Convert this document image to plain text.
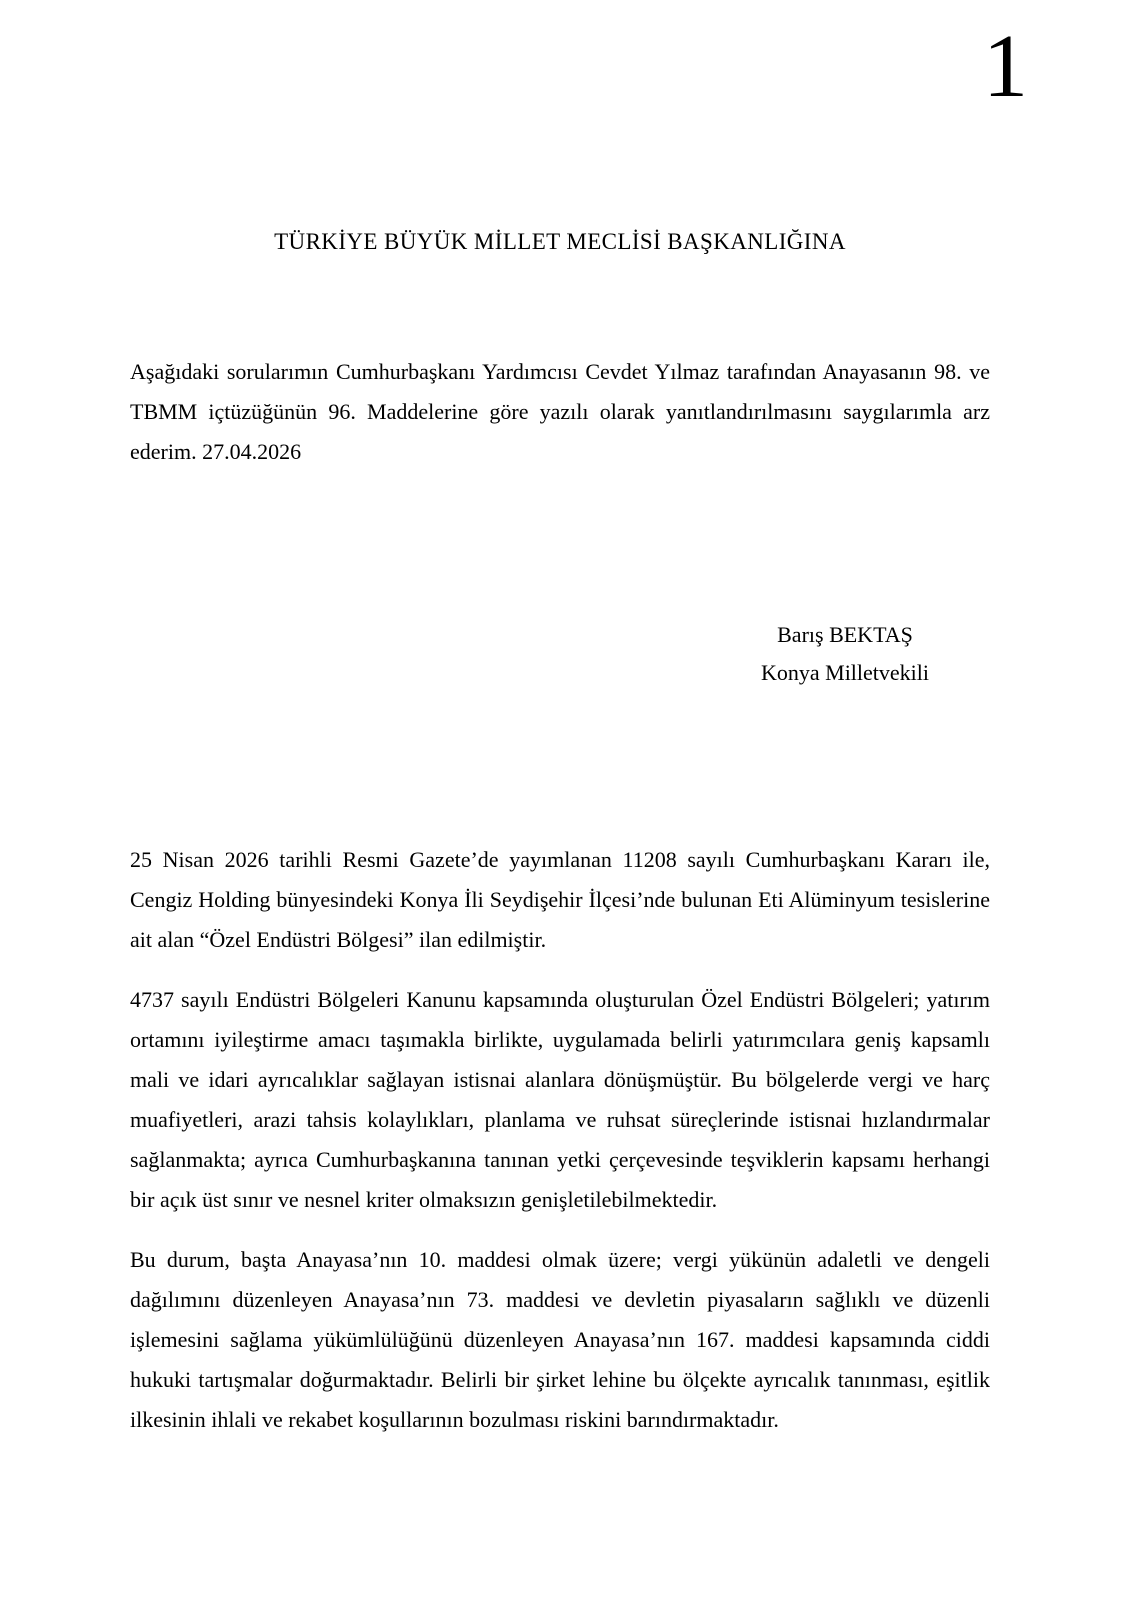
1
TÜRKİYE BÜYÜK MİLLET MECLİSİ BAŞKANLIĞINA

Aşağıdaki sorularımın Cumhurbaşkanı Yardımcısı Cevdet Yılmaz tarafından Anayasanın 98. ve TBMM içtüzüğünün 96. Maddelerine göre yazılı olarak yanıtlandırılmasını saygılarımla arz ederim. 27.04.2026

Barış BEKTAŞ
Konya Milletvekili

25 Nisan 2026 tarihli Resmi Gazete’de yayımlanan 11208 sayılı Cumhurbaşkanı Kararı ile, Cengiz Holding bünyesindeki Konya İli Seydişehir İlçesi’nde bulunan Eti Alüminyum tesislerine ait alan “Özel Endüstri Bölgesi” ilan edilmiştir.

4737 sayılı Endüstri Bölgeleri Kanunu kapsamında oluşturulan Özel Endüstri Bölgeleri; yatırım ortamını iyileştirme amacı taşımakla birlikte, uygulamada belirli yatırımcılara geniş kapsamlı mali ve idari ayrıcalıklar sağlayan istisnai alanlara dönüşmüştür. Bu bölgelerde vergi ve harç muafiyetleri, arazi tahsis kolaylıkları, planlama ve ruhsat süreçlerinde istisnai hızlandırmalar sağlanmakta; ayrıca Cumhurbaşkanına tanınan yetki çerçevesinde teşviklerin kapsamı herhangi bir açık üst sınır ve nesnel kriter olmaksızın genişletilebilmektedir.

Bu durum, başta Anayasa’nın 10. maddesi olmak üzere; vergi yükünün adaletli ve dengeli dağılımını düzenleyen Anayasa’nın 73. maddesi ve devletin piyasaların sağlıklı ve düzenli işlemesini sağlama yükümlülüğünü düzenleyen Anayasa’nın 167. maddesi kapsamında ciddi hukuki tartışmalar doğurmaktadır. Belirli bir şirket lehine bu ölçekte ayrıcalık tanınması, eşitlik ilkesinin ihlali ve rekabet koşullarının bozulması riskini barındırmaktadır.
